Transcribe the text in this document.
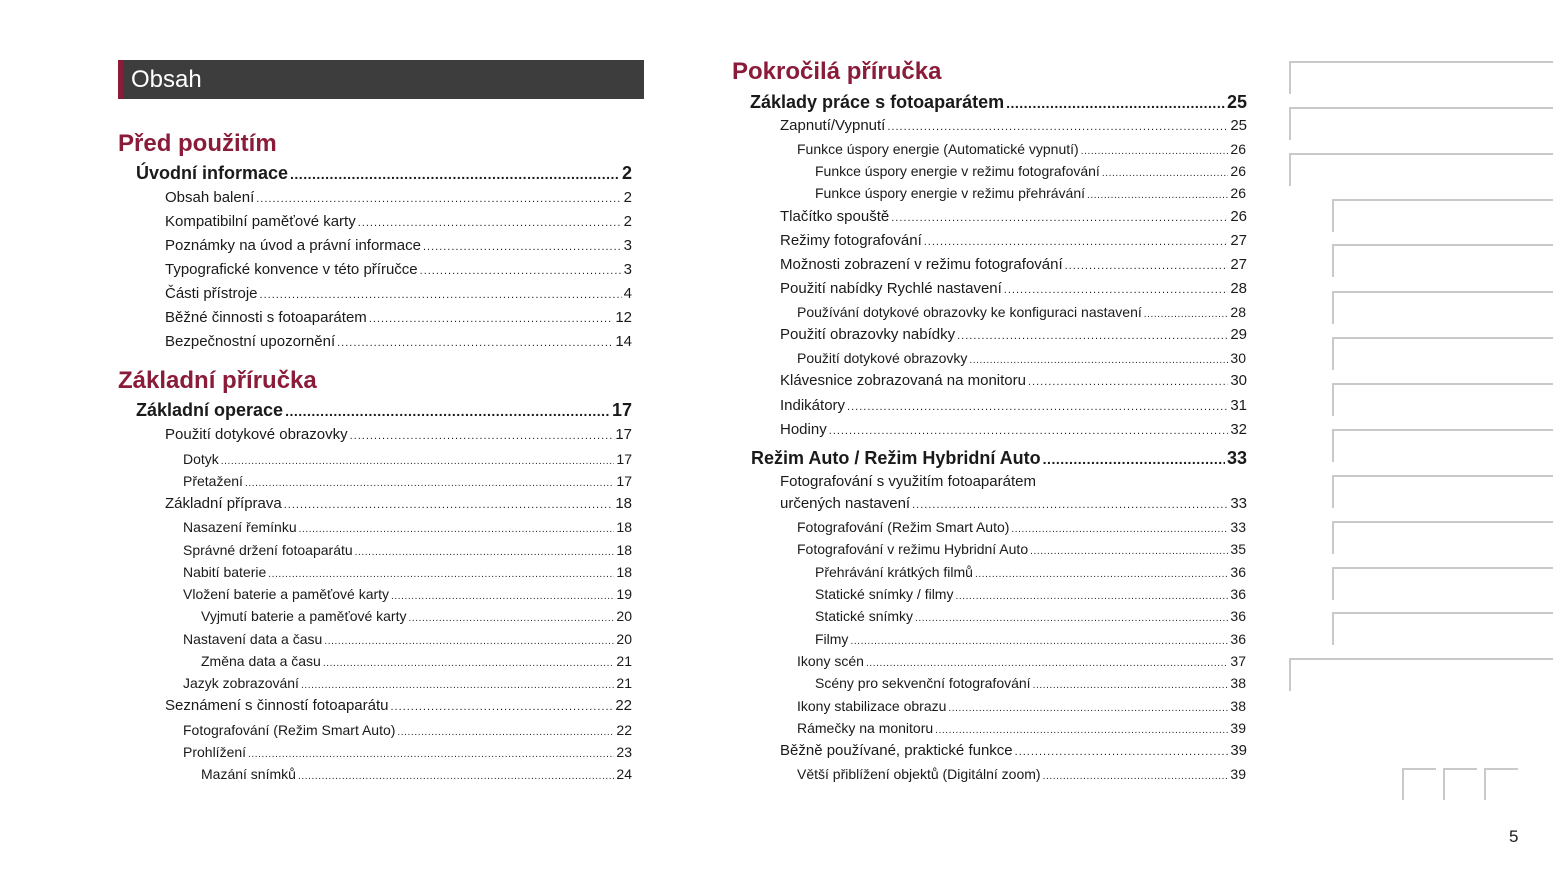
Obsah
Před použitím
Základní příručka
Úvodní informace .....	2
Obsah balení .....	2
Kompatibilní paměťové karty .....	2
Poznámky na úvod a právní informace .....	3
Typografické konvence v této příručce .....	3
Části přístroje .....	4
Běžné činnosti s fotoaparátem .....	12
Bezpečnostní upozornění .....	14
Základní operace .....	17
Použití dotykové obrazovky .....	17
Dotyk .....	17
Přetažení .....	17
Základní příprava .....	18
Nasazení řemínku .....	18
Správné držení fotoaparátu .....	18
Nabití baterie .....	18
Vložení baterie a paměťové karty .....	19
Vyjmutí baterie a paměťové karty .....	20
Nastavení data a času .....	20
Změna data a času .....	21
Jazyk zobrazování .....	21
Seznámení s činností fotoaparátu .....	22
Fotografování (Režim Smart Auto) .....	22
Prohlížení .....	23
Mazání snímků .....	24
Pokročilá příručka
Základy práce s fotoaparátem .....	25
Zapnutí/Vypnutí .....	25
Funkce úspory energie (Automatické vypnutí) .....	26
Funkce úspory energie v režimu fotografování .....	26
Funkce úspory energie v režimu přehrávání .....	26
Tlačítko spouště .....	26
Režimy fotografování .....	27
Možnosti zobrazení v režimu fotografování .....	27
Použití nabídky Rychlé nastavení .....	28
Používání dotykové obrazovky ke konfiguraci nastavení .....	28
Použití obrazovky nabídky .....	29
Použití dotykové obrazovky .....	30
Klávesnice zobrazovaná na monitoru .....	30
Indikátory .....	31
Hodiny .....	32
Režim Auto / Režim Hybridní Auto .....	33
Fotografování s využitím fotoaparátem
určených nastavení .....	33
Fotografování (Režim Smart Auto) .....	33
Fotografování v režimu Hybridní Auto .....	35
Přehrávání krátkých filmů .....	36
Statické snímky / filmy .....	36
Statické snímky .....	36
Filmy .....	36
Ikony scén .....	37
Scény pro sekvenční fotografování .....	38
Ikony stabilizace obrazu .....	38
Rámečky na monitoru .....	39
Běžně používané, praktické funkce .....	39
Větší přiblížení objektů (Digitální zoom) .....	39
5
